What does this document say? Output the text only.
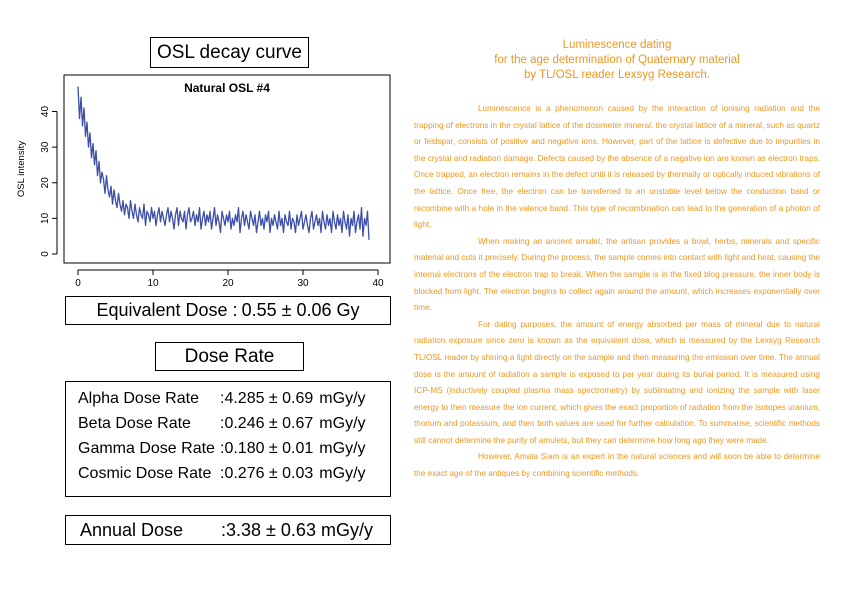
OSL decay curve
Natural OSL #4
OSL intensity
0	10	20	30	40
0
10
20
30
40
Equivalent Dose : 0.55 ± 0.06 Gy
Dose Rate
Alpha Dose Rate	:4.285 ± 0.69 mGy/y
Beta Dose Rate	:0.246 ± 0.67 mGy/y
Gamma Dose Rate :0.180 ± 0.01 mGy/y
Cosmic Dose Rate :0.276 ± 0.03 mGy/y
Annual Dose :3.38 ± 0.63 mGy/y
Luminescence dating
for the age determination of Quaternary material
by TL/OSL reader Lexsyg Research.

Luminescence is a phenomenon caused by the interaction of ionising radiation and the trapping of electrons in the crystal lattice of the dosimeter mineral. the crystal lattice of a mineral, such as quartz or feldspar, consists of positive and negative ions. However, part of the lattice is defective due to impurities in the crystal and radiation damage. Defects caused by the absence of a negative ion are known as electron traps. Once trapped, an electron remains in the defect until it is released by thermally or optically induced vibrations of the lattice. Once free, the electron can be transferred to an unstable level below the conduction band or recombine with a hole in the valence band. This type of recombination can lead to the generation of a photon of light.

When making an ancient amulet, the artisan provides a bowl, herbs, minerals and specific material and cuts it precisely. During the process, the sample comes into contact with light and heat, causing the internal electrons of the electron trap to break. When the sample is in the fixed blog pressure, the inner body is blocked from light. The electron begins to collect again around the amount, which increases exponentially over time.

For dating purposes, the amount of energy absorbed per mass of mineral due to natural radiation exposure since zero is known as the equivalent dose, which is measured by the Lexsyg Research TL/OSL reader by shining a light directly on the sample and then measuring the emission over time. The annual dose is the amount of radiation a sample is exposed to per year during its burial period. It is measured using ICP-MS (inductively coupled plasma mass spectrometry) by sublimating and ionizing the sample with laser energy to then measure the ion current, which gives the exact proportion of radiation from the isotopes uranium, thorium and potassium, and then both values are used for further calculation. To summarise, scientific methods still cannot determine the purity of amulets, but they can determine how long ago they were made.

However, Amata Siam is an expert in the natural sciences and will soon be able to determine the exact age of the antiques by combining scientific methods.
